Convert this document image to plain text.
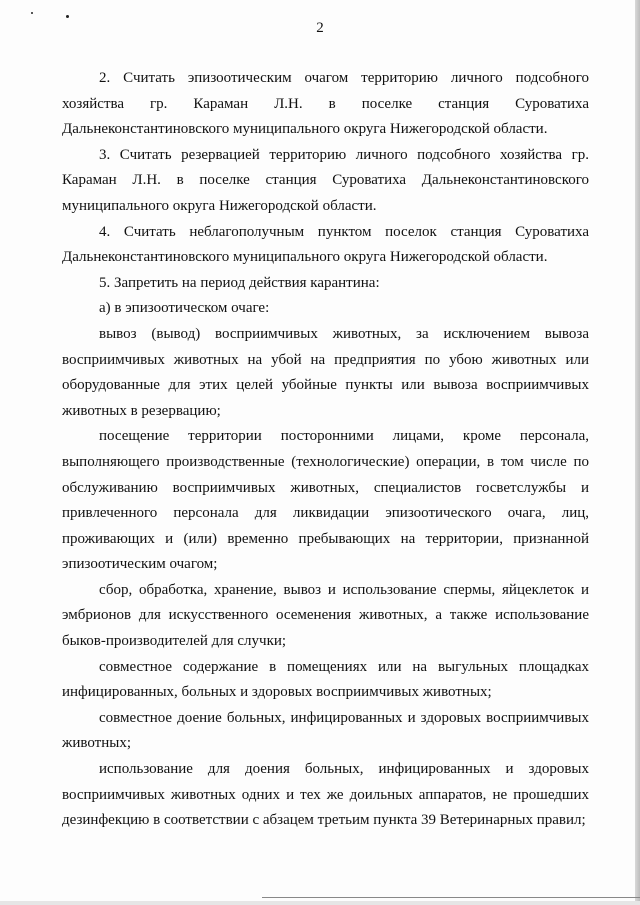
2

2. Считать эпизоотическим очагом территорию личного подсобного хозяйства гр. Караман Л.Н. в поселке станция Суроватиха Дальнеконстантиновского муниципального округа Нижегородской области.

3. Считать резервацией территорию личного подсобного хозяйства гр. Караман Л.Н. в поселке станция Суроватиха Дальнеконстантиновского муниципального округа Нижегородской области.

4. Считать неблагополучным пунктом поселок станция Суроватиха Дальнеконстантиновского муниципального округа Нижегородской области.

5. Запретить на период действия карантина:

а) в эпизоотическом очаге:

вывоз (вывод) восприимчивых животных, за исключением вывоза восприимчивых животных на убой на предприятия по убою животных или оборудованные для этих целей убойные пункты или вывоза восприимчивых животных в резервацию;

посещение территории посторонними лицами, кроме персонала, выполняющего производственные (технологические) операции, в том числе по обслуживанию восприимчивых животных, специалистов госветслужбы и привлеченного персонала для ликвидации эпизоотического очага, лиц, проживающих и (или) временно пребывающих на территории, признанной эпизоотическим очагом;

сбор, обработка, хранение, вывоз и использование спермы, яйцеклеток и эмбрионов для искусственного осеменения животных, а также использование быков-производителей для случки;

совместное содержание в помещениях или на выгульных площадках инфицированных, больных и здоровых восприимчивых животных;

совместное доение больных, инфицированных и здоровых восприимчивых животных;

использование для доения больных, инфицированных и здоровых восприимчивых животных одних и тех же доильных аппаратов, не прошедших дезинфекцию в соответствии с абзацем третьим пункта 39 Ветеринарных правил;
